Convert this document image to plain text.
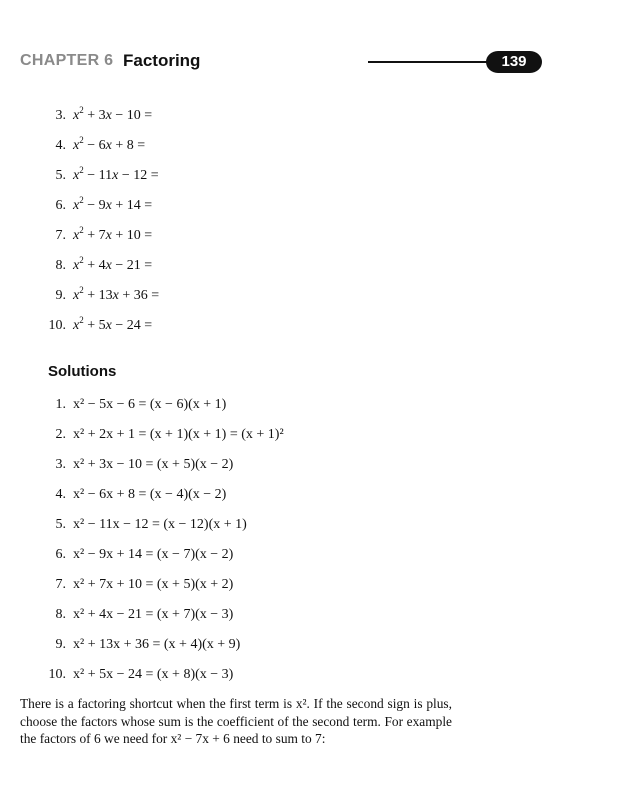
CHAPTER 6 Factoring	139
3. $x^2 + 3x - 10$ =
4. $x^2 - 6x + 8$ =
5. $x^2 - 11x - 12$ =
6. $x^2 - 9x + 14$ =
7. $x^2 + 7x + 10$ =
8. $x^2 + 4x - 21$ =
9. $x^2 + 13x + 36$ =
10. $x^2 + 5x - 24$ =
Solutions
1. x² − 5x − 6 = (x − 6)(x + 1)
2. x² + 2x + 1 = (x + 1)(x + 1) = (x + 1)²
3. x² + 3x − 10 = (x + 5)(x − 2)
4. x² − 6x + 8 = (x − 4)(x − 2)
5. x² − 11x − 12 = (x − 12)(x + 1)
6. x² − 9x + 14 = (x − 7)(x − 2)
7. x² + 7x + 10 = (x + 5)(x + 2)
8. x² + 4x − 21 = (x + 7)(x − 3)
9. x² + 13x + 36 = (x + 4)(x + 9)
10. x² + 5x − 24 = (x + 8)(x − 3)
There is a factoring shortcut when the first term is x². If the second sign is plus, choose the factors whose sum is the coefficient of the second term. For example the factors of 6 we need for x² − 7x + 6 need to sum to 7:
